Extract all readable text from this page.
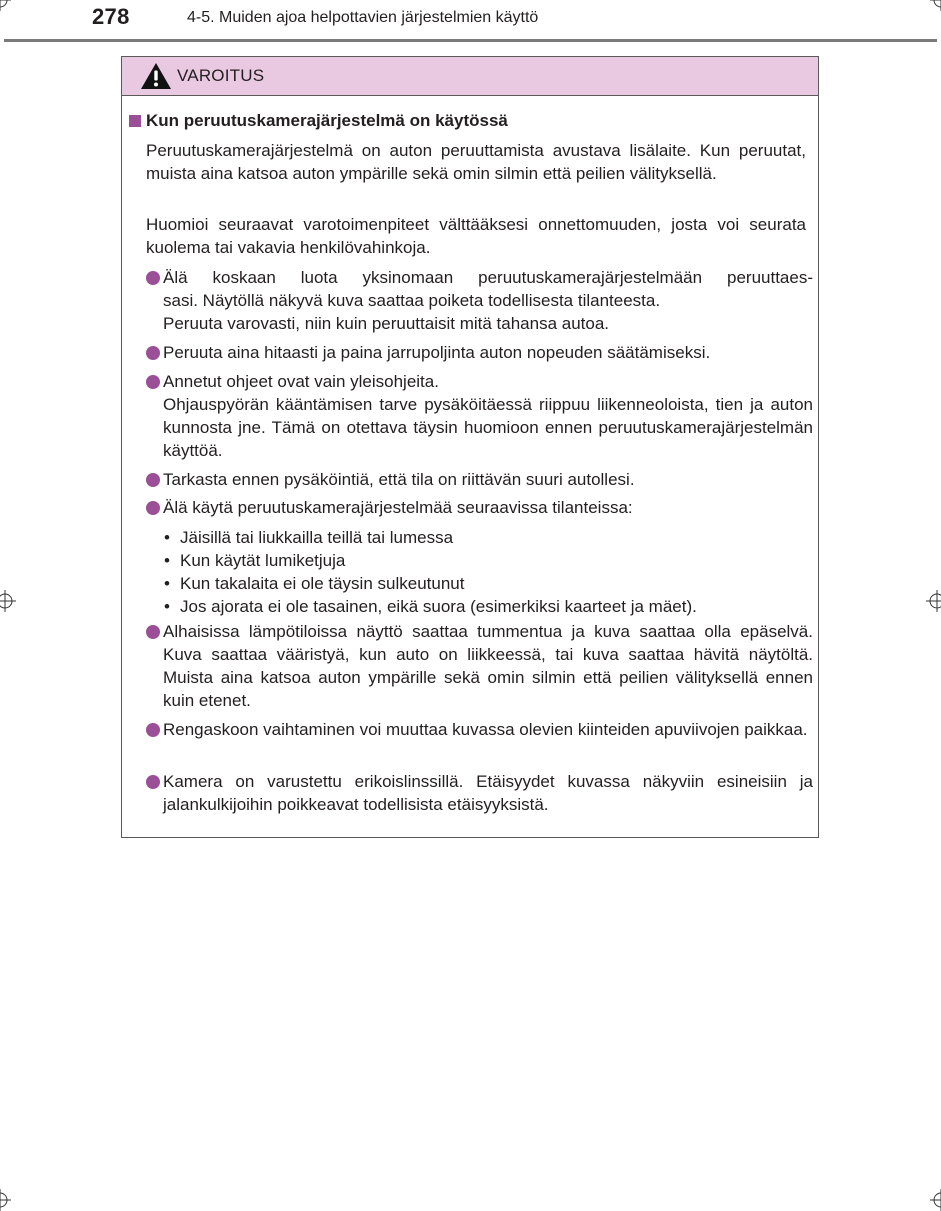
278	4-5. Muiden ajoa helpottavien järjestelmien käyttö
VAROITUS
Kun peruutuskamerajärjestelmä on käytössä
Peruutuskamerajärjestelmä on auton peruuttamista avustava lisälaite. Kun peruutat, muista aina katsoa auton ympärille sekä omin silmin että peilien välityksellä.
Huomioi seuraavat varotoimenpiteet välttääksesi onnettomuuden, josta voi seurata kuolema tai vakavia henkilövahinkoja.
Älä koskaan luota yksinomaan peruutuskamerajärjestelmään peruuttaes-
sasi. Näytöllä näkyvä kuva saattaa poiketa todellisesta tilanteesta.
Peruuta varovasti, niin kuin peruuttaisit mitä tahansa autoa.
Peruuta aina hitaasti ja paina jarrupoljinta auton nopeuden säätämiseksi.
Annetut ohjeet ovat vain yleisohjeita.
Ohjauspyörän kääntämisen tarve pysäköitäessä riippuu liikenneoloista, tien ja auton kunnosta jne. Tämä on otettava täysin huomioon ennen peruutuskamerajärjestelmän käyttöä.
Tarkasta ennen pysäköintiä, että tila on riittävän suuri autollesi.
Älä käytä peruutuskamerajärjestelmää seuraavissa tilanteissa:
• Jäisillä tai liukkailla teillä tai lumessa
• Kun käytät lumiketjuja
• Kun takalaita ei ole täysin sulkeutunut
• Jos ajorata ei ole tasainen, eikä suora (esimerkiksi kaarteet ja mäet).
Alhaisissa lämpötiloissa näyttö saattaa tummentua ja kuva saattaa olla epäselvä. Kuva saattaa vääristyä, kun auto on liikkeessä, tai kuva saattaa hävitä näytöltä. Muista aina katsoa auton ympärille sekä omin silmin että peilien välityksellä ennen kuin etenet.
Rengaskoon vaihtaminen voi muuttaa kuvassa olevien kiinteiden apuviivojen paikkaa.
Kamera on varustettu erikoislinssillä. Etäisyydet kuvassa näkyviin esineisiin ja jalankulkijoihin poikkeavat todellisista etäisyyksistä.
